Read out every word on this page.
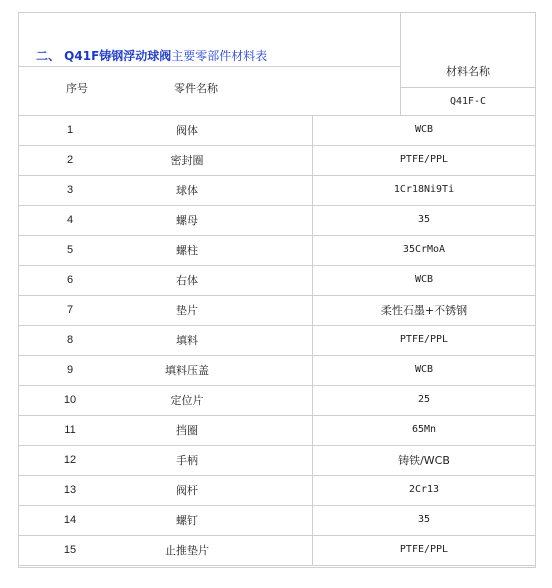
二、 Q41F铸钢浮动球阀主要零部件材料表
序号	零件名称
材料名称
Q41F-C
1	阀体	WCB
2	密封圈	PTFE/PPL
3	球体	1Cr18Ni9Ti
4	螺母	35
5	螺柱	35CrMoA
6	右体	WCB
7	垫片	柔性石墨+不锈钢
8	填料	PTFE/PPL
9	填料压盖	WCB
10	定位片	25
11	挡圈	65Mn
12	手柄	铸铁/WCB
13	阀杆	2Cr13
14	螺钉	35
15	止推垫片	PTFE/PPL
